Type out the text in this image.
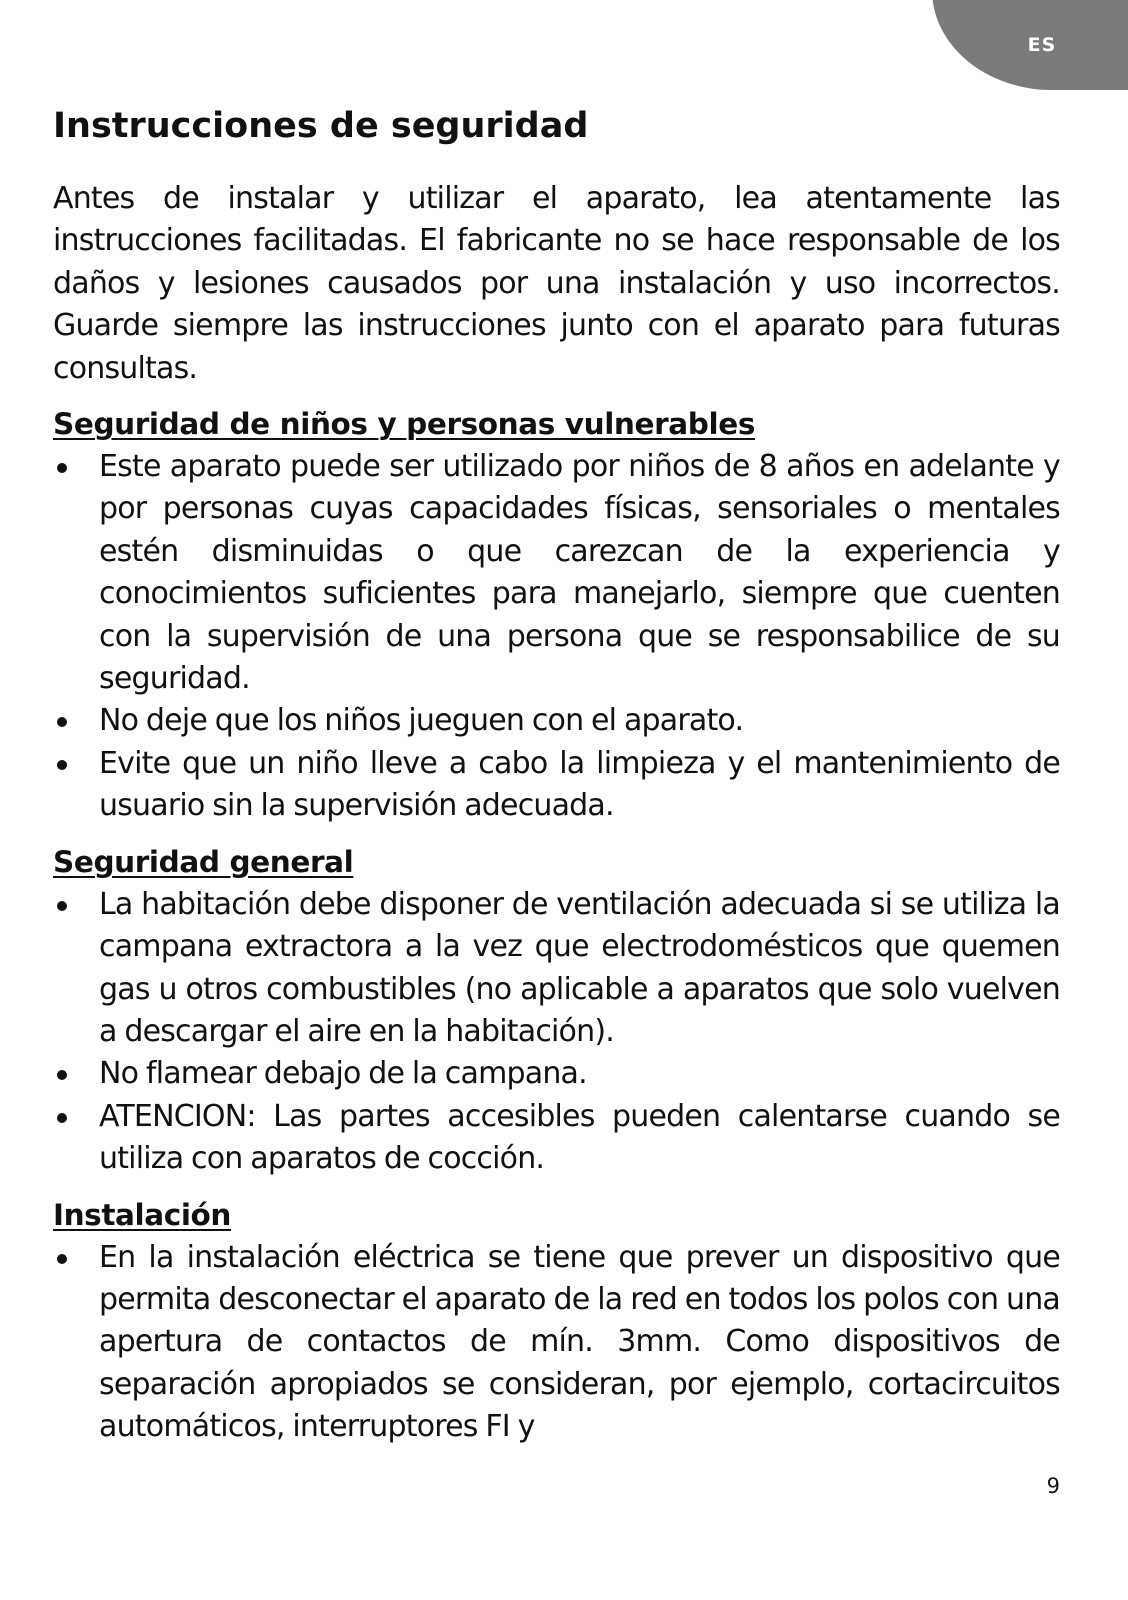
ES
Instrucciones de seguridad

Antes de instalar y utilizar el aparato, lea atentamente las instrucciones facilitadas. El fabricante no se hace responsable de los daños y lesiones causados por una instalación y uso incorrectos. Guarde siempre las instrucciones junto con el aparato para futuras consultas.

Seguridad de niños y personas vulnerables
Este aparato puede ser utilizado por niños de 8 años en adelante y por personas cuyas capacidades físicas, sensoriales o mentales estén disminuidas o que carezcan de la experiencia y conocimientos suficientes para manejarlo, siempre que cuenten con la supervisión de una persona que se responsabilice de su seguridad.
No deje que los niños jueguen con el aparato.
Evite que un niño lleve a cabo la limpieza y el mantenimiento de usuario sin la supervisión adecuada.
Seguridad general
La habitación debe disponer de ventilación adecuada si se utiliza la campana extractora a la vez que electrodomésticos que quemen gas u otros combustibles (no aplicable a aparatos que solo vuelven a descargar el aire en la habitación).
No flamear debajo de la campana.
ATENCION: Las partes accesibles pueden calentarse cuando se utiliza con aparatos de cocción.
Instalación
En la instalación eléctrica se tiene que prever un dispositivo que permita desconectar el aparato de la red en todos los polos con una apertura de contactos de mín. 3mm. Como dispositivos de separación apropiados se consideran, por ejemplo, cortacircuitos automáticos, interruptores FI y
9
